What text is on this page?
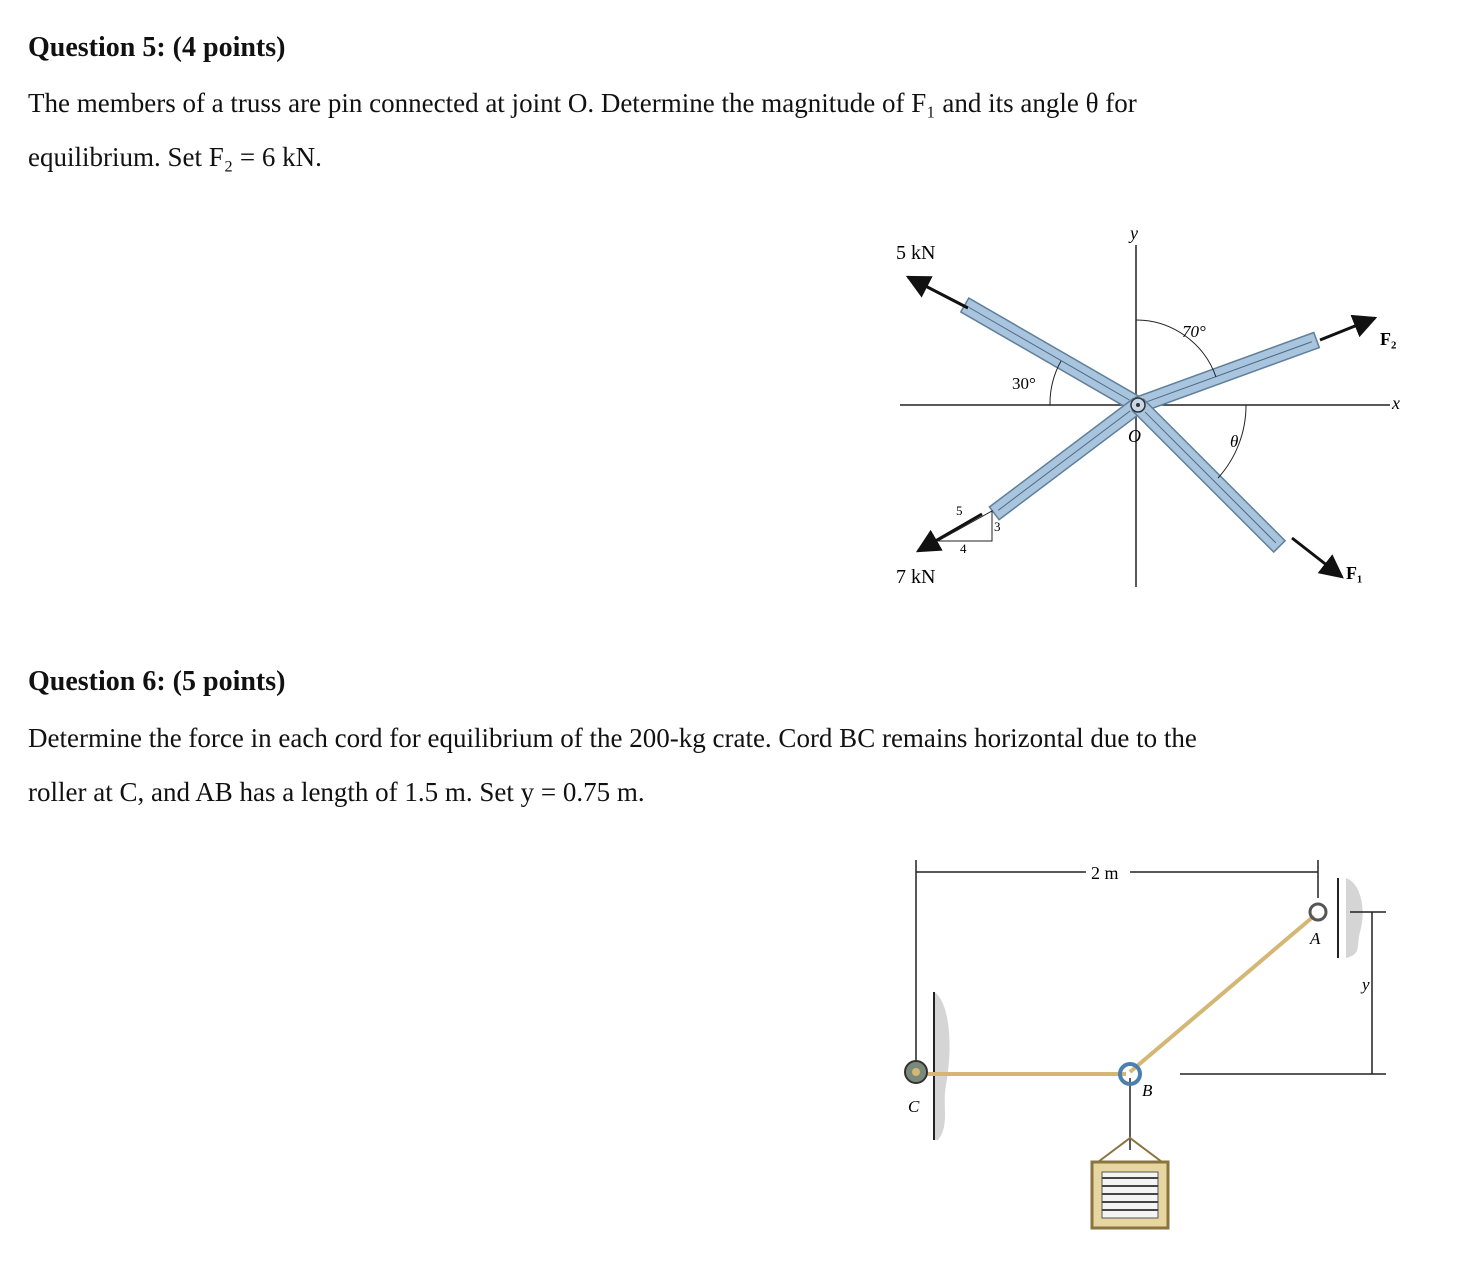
Question 5: (4 points)
The members of a truss are pin connected at joint O. Determine the magnitude of F₁ and its angle θ for
equilibrium. Set F₂ = 6 kN.
5 kN
7 kN
F₂
F₁
x
y
70°
30°
θ
O
5
4
3
Question 6: (5 points)
Determine the force in each cord for equilibrium of the 200-kg crate. Cord BC remains horizontal due to the
roller at C, and AB has a length of 1.5 m. Set y = 0.75 m.
2 m
y
A
B
C
